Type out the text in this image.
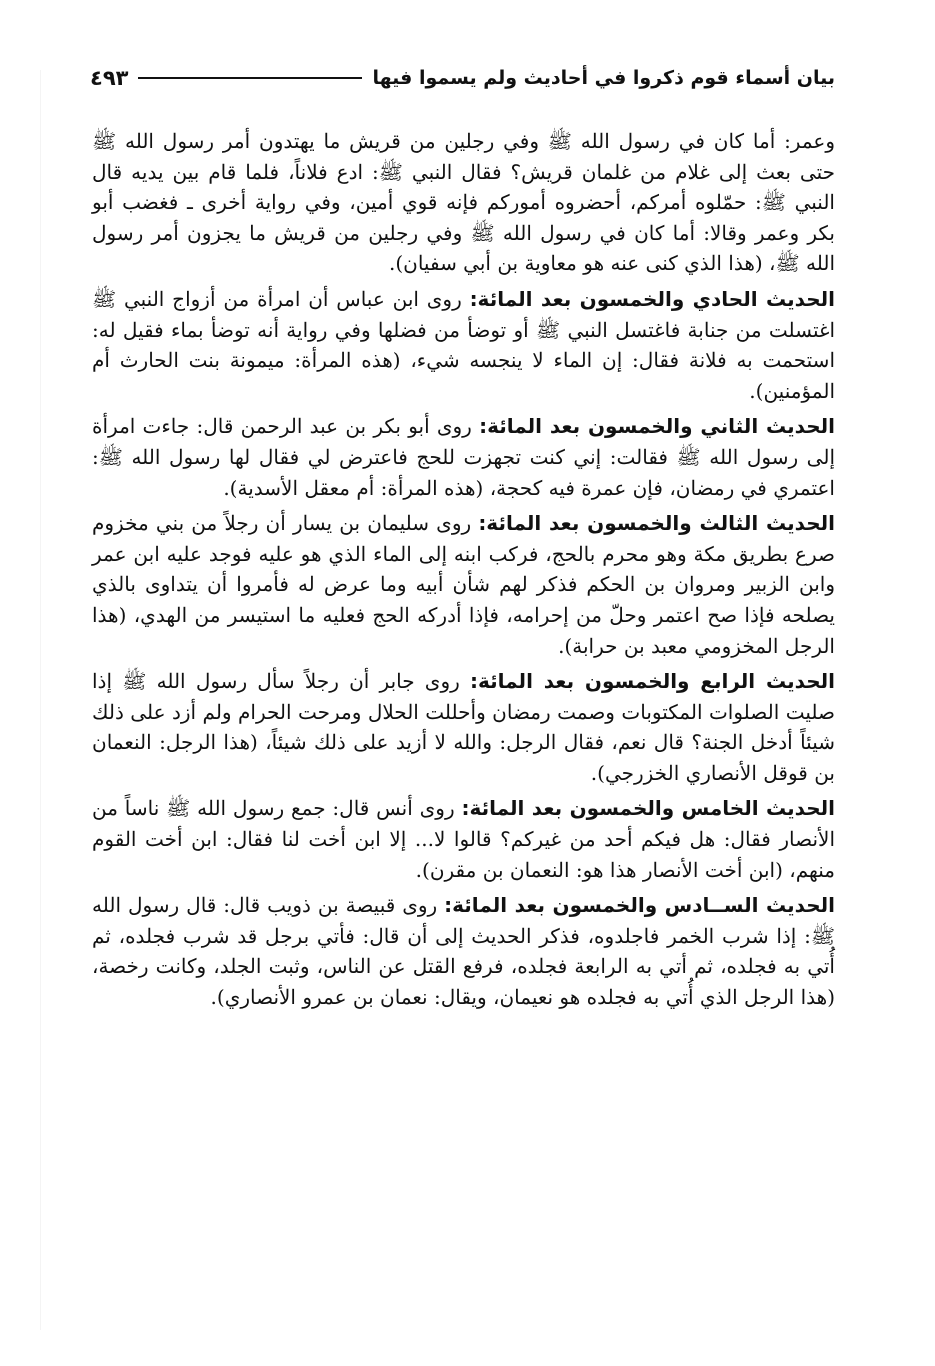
بيان أسماء قوم ذكروا في أحاديث ولم يسموا فيها
٤٩٣

وعمر: أما كان في رسول الله ﷺ وفي رجلين من قريش ما يهتدون أمر رسول الله ﷺ حتى بعث إلى غلام من غلمان قريش؟ فقال النبي ﷺ: ادع فلاناً، فلما قام بين يديه قال النبي ﷺ: حمّلوه أمركم، أحضروه أموركم فإنه قوي أمين، وفي رواية أخرى ـ فغضب أبو بكر وعمر وقالا: أما كان في رسول الله ﷺ وفي رجلين من قريش ما يجزون أمر رسول الله ﷺ، (هذا الذي كنى عنه هو معاوية بن أبي سفيان).

الحديث الحادي والخمسون بعد المائة: روى ابن عباس أن امرأة من أزواج النبي ﷺ اغتسلت من جنابة فاغتسل النبي ﷺ أو توضأ من فضلها وفي رواية أنه توضأ بماء فقيل له: استحمت به فلانة فقال: إن الماء لا ينجسه شيء، (هذه المرأة: ميمونة بنت الحارث أم المؤمنين).

الحديث الثاني والخمسون بعد المائة: روى أبو بكر بن عبد الرحمن قال: جاءت امرأة إلى رسول الله ﷺ فقالت: إني كنت تجهزت للحج فاعترض لي فقال لها رسول الله ﷺ: اعتمري في رمضان، فإن عمرة فيه كحجة، (هذه المرأة: أم معقل الأسدية).

الحديث الثالث والخمسون بعد المائة: روى سليمان بن يسار أن رجلاً من بني مخزوم صرع بطريق مكة وهو محرم بالحج، فركب ابنه إلى الماء الذي هو عليه فوجد عليه ابن عمر وابن الزبير ومروان بن الحكم فذكر لهم شأن أبيه وما عرض له فأمروا أن يتداوى بالذي يصلحه فإذا صح اعتمر وحلّ من إحرامه، فإذا أدركه الحج فعليه ما استيسر من الهدي، (هذا الرجل المخزومي معبد بن حرابة).

الحديث الرابع والخمسون بعد المائة: روى جابر أن رجلاً سأل رسول الله ﷺ إذا صليت الصلوات المكتوبات وصمت رمضان وأحللت الحلال ومرحت الحرام ولم أزد على ذلك شيئاً أدخل الجنة؟ قال نعم، فقال الرجل: والله لا أزيد على ذلك شيئاً، (هذا الرجل: النعمان بن قوقل الأنصاري الخزرجي).

الحديث الخامس والخمسون بعد المائة: روى أنس قال: جمع رسول الله ﷺ ناساً من الأنصار فقال: هل فيكم أحد من غيركم؟ قالوا لا... إلا ابن أخت لنا فقال: ابن أخت القوم منهم، (ابن أخت الأنصار هذا هو: النعمان بن مقرن).

الحديث الســادس والخمسون بعد المائة: روى قبيصة بن ذويب قال: قال رسول الله ﷺ: إذا شرب الخمر فاجلدوه، فذكر الحديث إلى أن قال: فأتي برجل قد شرب فجلده، ثم أُتي به فجلده، ثم أتي به الرابعة فجلده، فرفع القتل عن الناس، وثبت الجلد، وكانت رخصة، (هذا الرجل الذي أُتي به فجلده هو نعيمان، ويقال: نعمان بن عمرو الأنصاري).
